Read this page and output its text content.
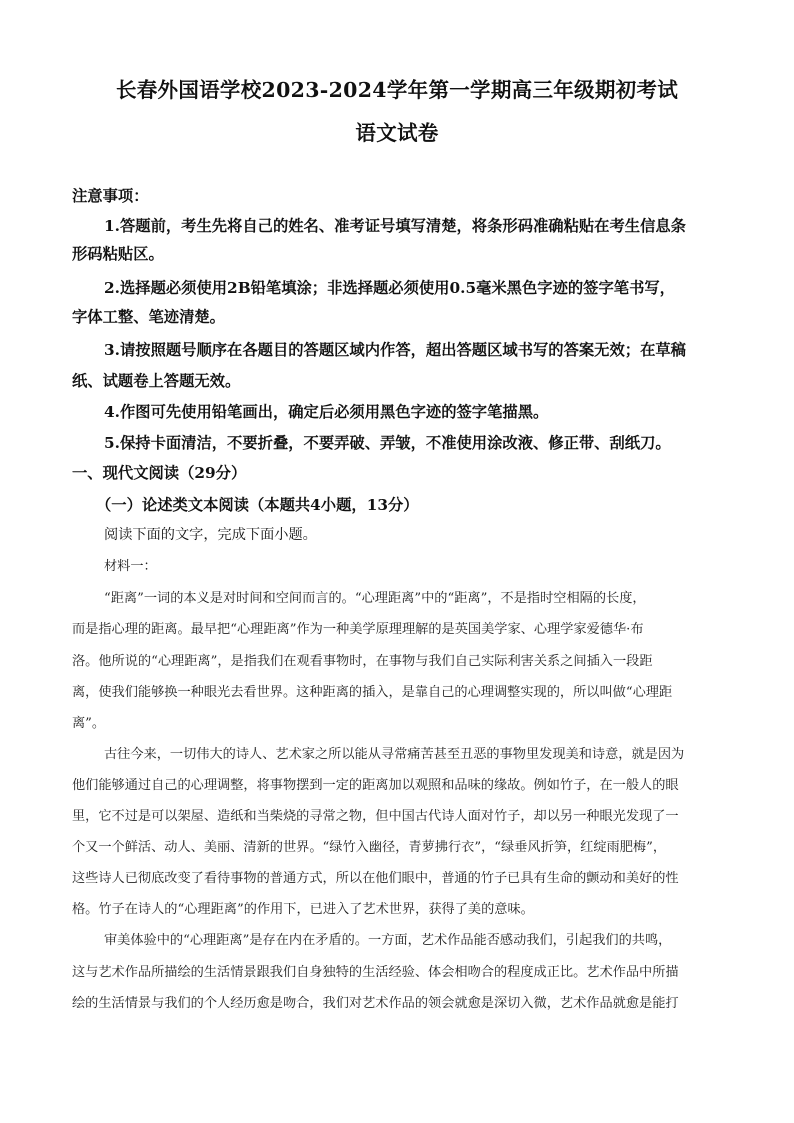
长春外国语学校2023-2024学年第一学期高三年级期初考试
语文试卷
注意事项：
1.答题前，考生先将自己的姓名、准考证号填写清楚，将条形码准确粘贴在考生信息条
形码粘贴区。
2.选择题必须使用2B铅笔填涂；非选择题必须使用0.5毫米黑色字迹的签字笔书写，
字体工整、笔迹清楚。
3.请按照题号顺序在各题目的答题区域内作答，超出答题区域书写的答案无效；在草稿
纸、试题卷上答题无效。
4.作图可先使用铅笔画出，确定后必须用黑色字迹的签字笔描黑。
5.保持卡面清洁，不要折叠，不要弄破、弄皱，不准使用涂改液、修正带、刮纸刀。
一、现代文阅读（29分）
（一）论述类文本阅读（本题共4小题，13分）
阅读下面的文字，完成下面小题。
材料一：
“距离”一词的本义是对时间和空间而言的。“心理距离”中的“距离”，不是指时空相隔的长度，
而是指心理的距离。最早把“心理距离”作为一种美学原理理解的是英国美学家、心理学家爱德华·布
洛。他所说的“心理距离”，是指我们在观看事物时，在事物与我们自己实际利害关系之间插入一段距
离，使我们能够换一种眼光去看世界。这种距离的插入，是靠自己的心理调整实现的，所以叫做“心理距
离”。
古往今来，一切伟大的诗人、艺术家之所以能从寻常痛苦甚至丑恶的事物里发现美和诗意，就是因为
他们能够通过自己的心理调整，将事物摆到一定的距离加以观照和品味的缘故。例如竹子，在一般人的眼
里，它不过是可以架屋、造纸和当柴烧的寻常之物，但中国古代诗人面对竹子，却以另一种眼光发现了一
个又一个鲜活、动人、美丽、清新的世界。“绿竹入幽径，青萝拂行衣”，“绿垂风折笋，红绽雨肥梅”，
这些诗人已彻底改变了看待事物的普通方式，所以在他们眼中，普通的竹子已具有生命的颤动和美好的性
格。竹子在诗人的“心理距离”的作用下，已进入了艺术世界，获得了美的意味。
审美体验中的“心理距离”是存在内在矛盾的。一方面，艺术作品能否感动我们，引起我们的共鸣，
这与艺术作品所描绘的生活情景跟我们自身独特的生活经验、体会相吻合的程度成正比。艺术作品中所描
绘的生活情景与我们的个人经历愈是吻合，我们对艺术作品的领会就愈是深切入微，艺术作品就愈是能打
